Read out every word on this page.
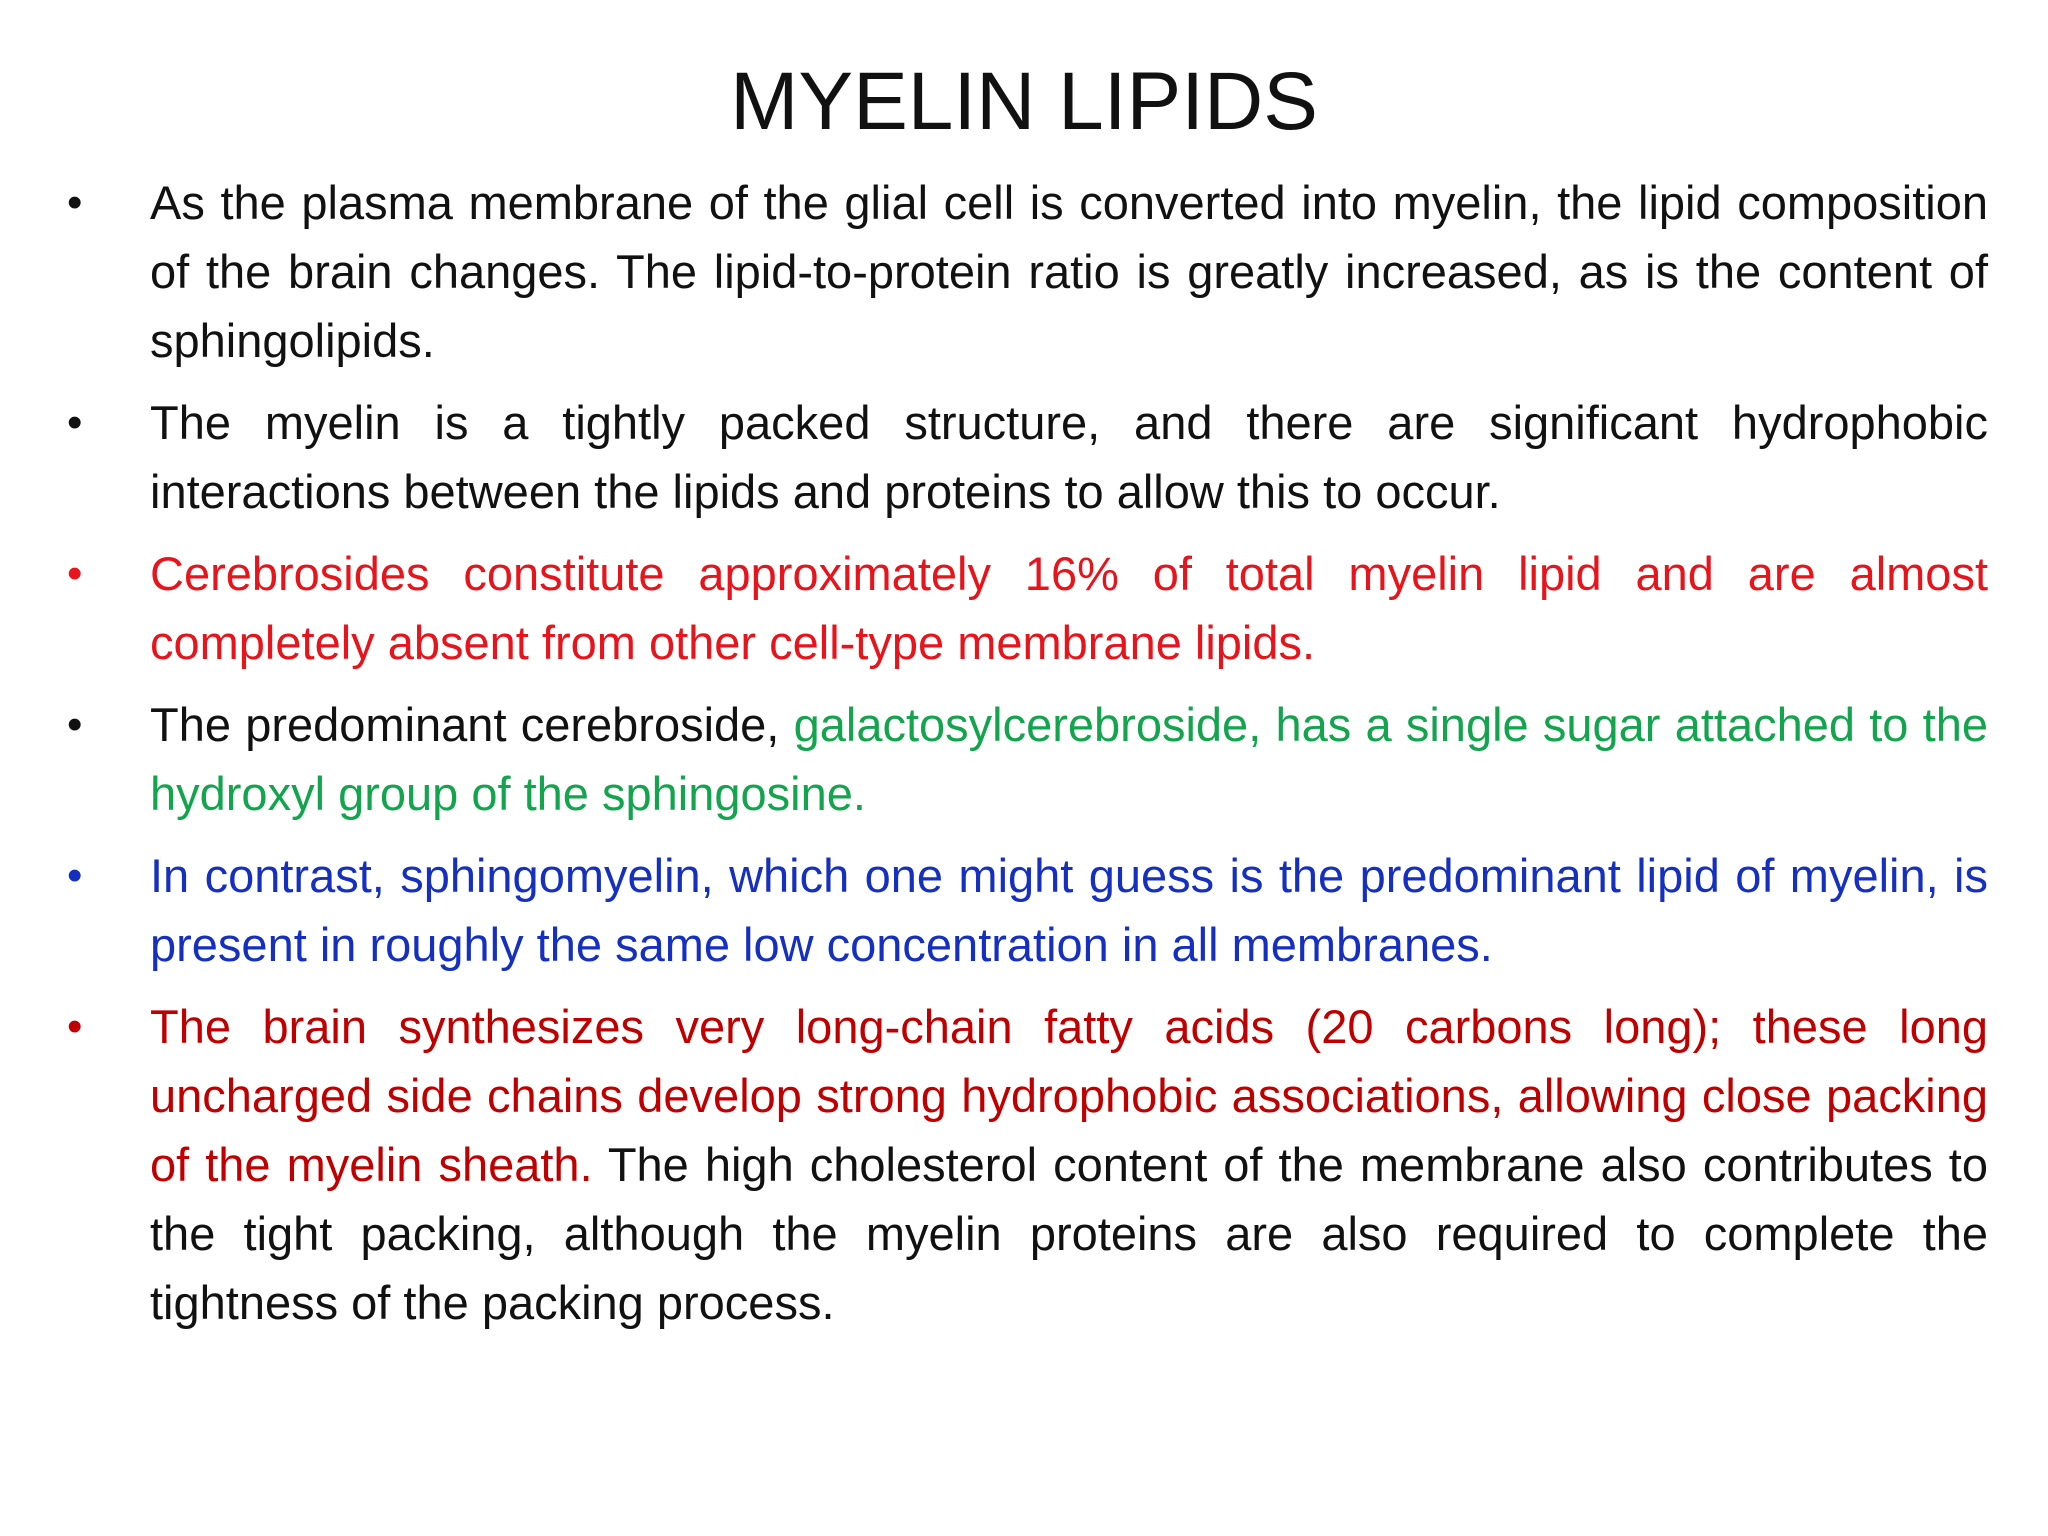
MYELIN LIPIDS
•	As the plasma membrane of the glial cell is converted into myelin, the lipid composition of the brain changes. The lipid-to-protein ratio is greatly increased, as is the content of sphingolipids.
•	The myelin is a tightly packed structure, and there are significant hydrophobic interactions between the lipids and proteins to allow this to occur.
•	Cerebrosides constitute approximately 16% of total myelin lipid and are almost completely absent from other cell-type membrane lipids.
•	The predominant cerebroside, galactosylcerebroside, has a single sugar attached to the hydroxyl group of the sphingosine.
•	In contrast, sphingomyelin, which one might guess is the predominant lipid of myelin, is present in roughly the same low concentration in all membranes.
•	The brain synthesizes very long-chain fatty acids (20 carbons long); these long uncharged side chains develop strong hydrophobic associations, allowing close packing of the myelin sheath. The high cholesterol content of the membrane also contributes to the tight packing, although the myelin proteins are also required to complete the tightness of the packing process.
